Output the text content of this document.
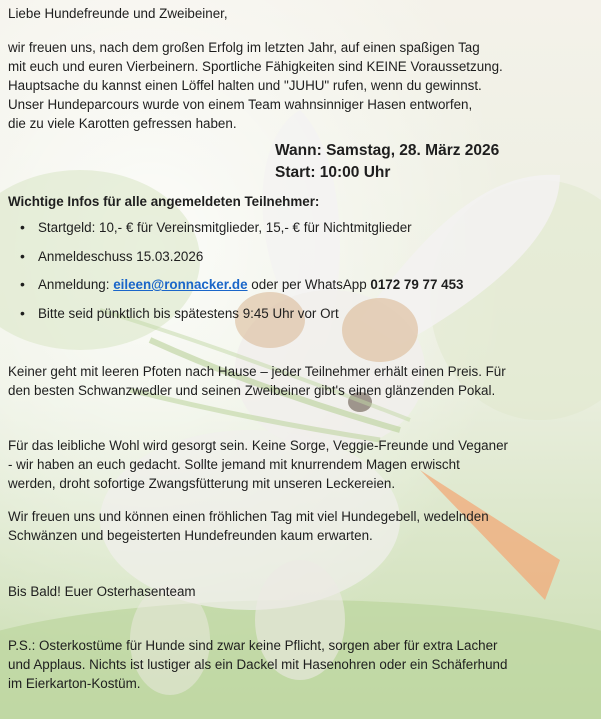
Liebe Hundefreunde und Zweibeiner,

wir freuen uns, nach dem großen Erfolg im letzten Jahr, auf einen spaßigen Tag
mit euch und euren Vierbeinern. Sportliche Fähigkeiten sind KEINE Voraussetzung.
Hauptsache du kannst einen Löffel halten und "JUHU" rufen, wenn du gewinnst.
Unser Hundeparcours wurde von einem Team wahnsinniger Hasen entworfen,
die zu viele Karotten gefressen haben.
Wann: Samstag, 28. März 2026
Start: 10:00 Uhr
Wichtige Infos für alle angemeldeten Teilnehmer:
• Startgeld: 10,- € für Vereinsmitglieder, 15,- € für Nichtmitglieder
• Anmeldeschuss 15.03.2026
• Anmeldung: eileen@ronnacker.de oder per WhatsApp 0172 79 77 453
• Bitte seid pünktlich bis spätestens 9:45 Uhr vor Ort
Keiner geht mit leeren Pfoten nach Hause – jeder Teilnehmer erhält einen Preis. Für
den besten Schwanzwedler und seinen Zweibeiner gibt's einen glänzenden Pokal.
Für das leibliche Wohl wird gesorgt sein. Keine Sorge, Veggie-Freunde und Veganer
- wir haben an euch gedacht. Sollte jemand mit knurrendem Magen erwischt
werden, droht sofortige Zwangsfütterung mit unseren Leckereien.
Wir freuen uns und können einen fröhlichen Tag mit viel Hundegebell, wedelnden
Schwänzen und begeisterten Hundefreunden kaum erwarten.
Bis Bald! Euer Osterhasenteam
P.S.: Osterkostüme für Hunde sind zwar keine Pflicht, sorgen aber für extra Lacher
und Applaus. Nichts ist lustiger als ein Dackel mit Hasenohren oder ein Schäferhund
im Eierkarton-Kostüm.
